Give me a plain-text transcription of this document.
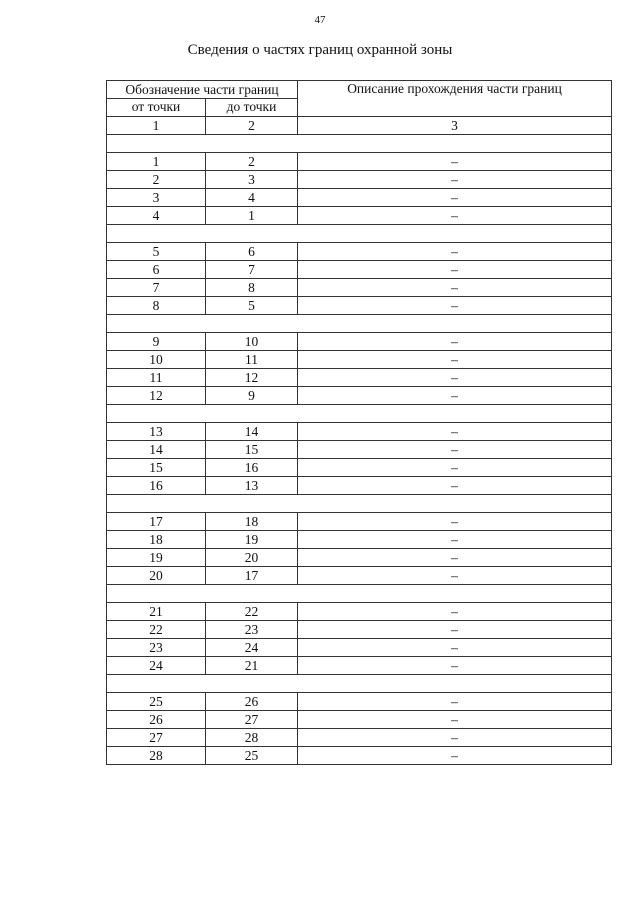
47
Сведения о частях границ охранной зоны
Обозначение части границ		Описание прохождения части границ
от точки	до точки	
1	2	3

1	2	–
2	3	–
3	4	–
4	1	–

5	6	–
6	7	–
7	8	–
8	5	–

9	10	–
10	11	–
11	12	–
12	9	–

13	14	–
14	15	–
15	16	–
16	13	–

17	18	–
18	19	–
19	20	–
20	17	–

21	22	–
22	23	–
23	24	–
24	21	–

25	26	–
26	27	–
27	28	–
28	25	–
